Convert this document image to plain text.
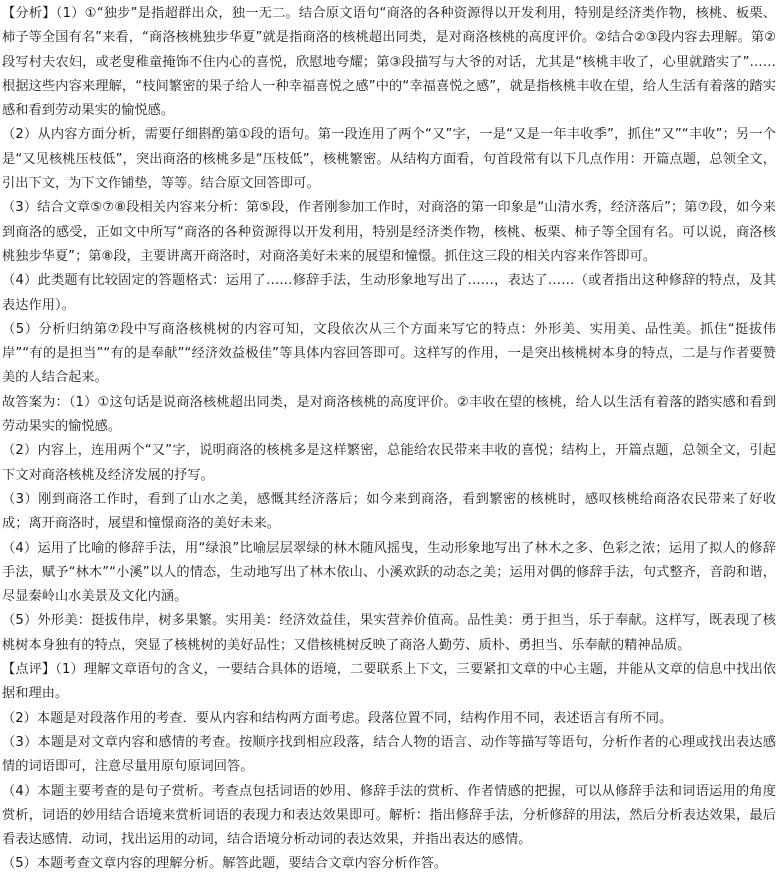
【分析】（1）①“独步”是指超群出众，独一无二。结合原文语句“商洛的各种资源得以开发利用，特别是经济类作物，核桃、板栗、柿子等全国有名”来看，“商洛核桃独步华夏”就是指商洛的核桃超出同类，是对商洛核桃的高度评价。②结合②③段内容去理解。第②段写村夫农妇，或老叟稚童掩饰不住内心的喜悦，欣慰地夸耀；第③段描写与大爷的对话，尤其是“核桃丰收了，心里就踏实了”……根据这些内容来理解，“枝间繁密的果子给人一种幸福喜悦之感”中的“幸福喜悦之感”，就是指核桃丰收在望，给人生活有着落的踏实感和看到劳动果实的愉悦感。

（2）从内容方面分析，需要仔细斟酌第①段的语句。第一段连用了两个“又”字，一是“又是一年丰收季”，抓住“又”“丰收”；另一个是“又见核桃压枝低”，突出商洛的核桃多是“压枝低”，核桃繁密。从结构方面看，句首段常有以下几点作用：开篇点题，总领全文，引出下文，为下文作铺垫，等等。结合原文回答即可。

（3）结合文章⑤⑦⑧段相关内容来分析：第⑤段，作者刚参加工作时，对商洛的第一印象是“山清水秀，经济落后”；第⑦段，如今来到商洛的感受，正如文中所写“商洛的各种资源得以开发利用，特别是经济类作物，核桃、板栗、柿子等全国有名。可以说，商洛核桃独步华夏”；第⑧段，主要讲离开商洛时，对商洛美好未来的展望和憧憬。抓住这三段的相关内容来作答即可。

（4）此类题有比较固定的答题格式：运用了……修辞手法，生动形象地写出了……，表达了……（或者指出这种修辞的特点，及其表达作用）。

（5）分析归纳第⑦段中写商洛核桃树的内容可知，文段依次从三个方面来写它的特点：外形美、实用美、品性美。抓住“挺拔伟岸”“有的是担当”“有的是奉献”“经济效益极佳”等具体内容回答即可。这样写的作用，一是突出核桃树本身的特点，二是与作者要赞美的人结合起来。

故答案为：（1）①这句话是说商洛核桃超出同类，是对商洛核桃的高度评价。②丰收在望的核桃，给人以生活有着落的踏实感和看到劳动果实的愉悦感。

（2）内容上，连用两个“又”字，说明商洛的核桃多是这样繁密，总能给农民带来丰收的喜悦；结构上，开篇点题，总领全文，引起下文对商洛核桃及经济发展的抒写。

（3）刚到商洛工作时，看到了山水之美，感慨其经济落后；如今来到商洛，看到繁密的核桃时，感叹核桃给商洛农民带来了好收成；离开商洛时，展望和憧憬商洛的美好未来。

（4）运用了比喻的修辞手法，用“绿浪”比喻层层翠绿的林木随风摇曳，生动形象地写出了林木之多、色彩之浓；运用了拟人的修辞手法，赋予“林木”“小溪”以人的情态，生动地写出了林木依山、小溪欢跃的动态之美；运用对偶的修辞手法，句式整齐，音韵和谐，尽显秦岭山水美景及文化内涵。

（5）外形美：挺拔伟岸，树多果繁。实用美：经济效益佳，果实营养价值高。品性美：勇于担当，乐于奉献。这样写，既表现了核桃树本身独有的特点，突显了核桃树的美好品性；又借核桃树反映了商洛人勤劳、质朴、勇担当、乐奉献的精神品质。

【点评】（1）理解文章语句的含义，一要结合具体的语境，二要联系上下文，三要紧扣文章的中心主题，并能从文章的信息中找出依据和理由。

（2）本题是对段落作用的考查．要从内容和结构两方面考虑。段落位置不同，结构作用不同，表述语言有所不同。

（3）本题是对文章内容和感情的考查。按顺序找到相应段落，结合人物的语言、动作等描写等语句，分析作者的心理或找出表达感情的词语即可，注意尽量用原句原词回答。

（4）本题主要考查的是句子赏析。考查点包括词语的妙用、修辞手法的赏析、作者情感的把握，可以从修辞手法和词语运用的角度赏析，词语的妙用结合语境来赏析词语的表现力和表达效果即可。解析：指出修辞手法，分析修辞的用法，然后分析表达效果，最后看表达感情．动词，找出运用的动词，结合语境分析动词的表达效果，并指出表达的感情。

（5）本题考查文章内容的理解分析。解答此题，要结合文章内容分析作答。
